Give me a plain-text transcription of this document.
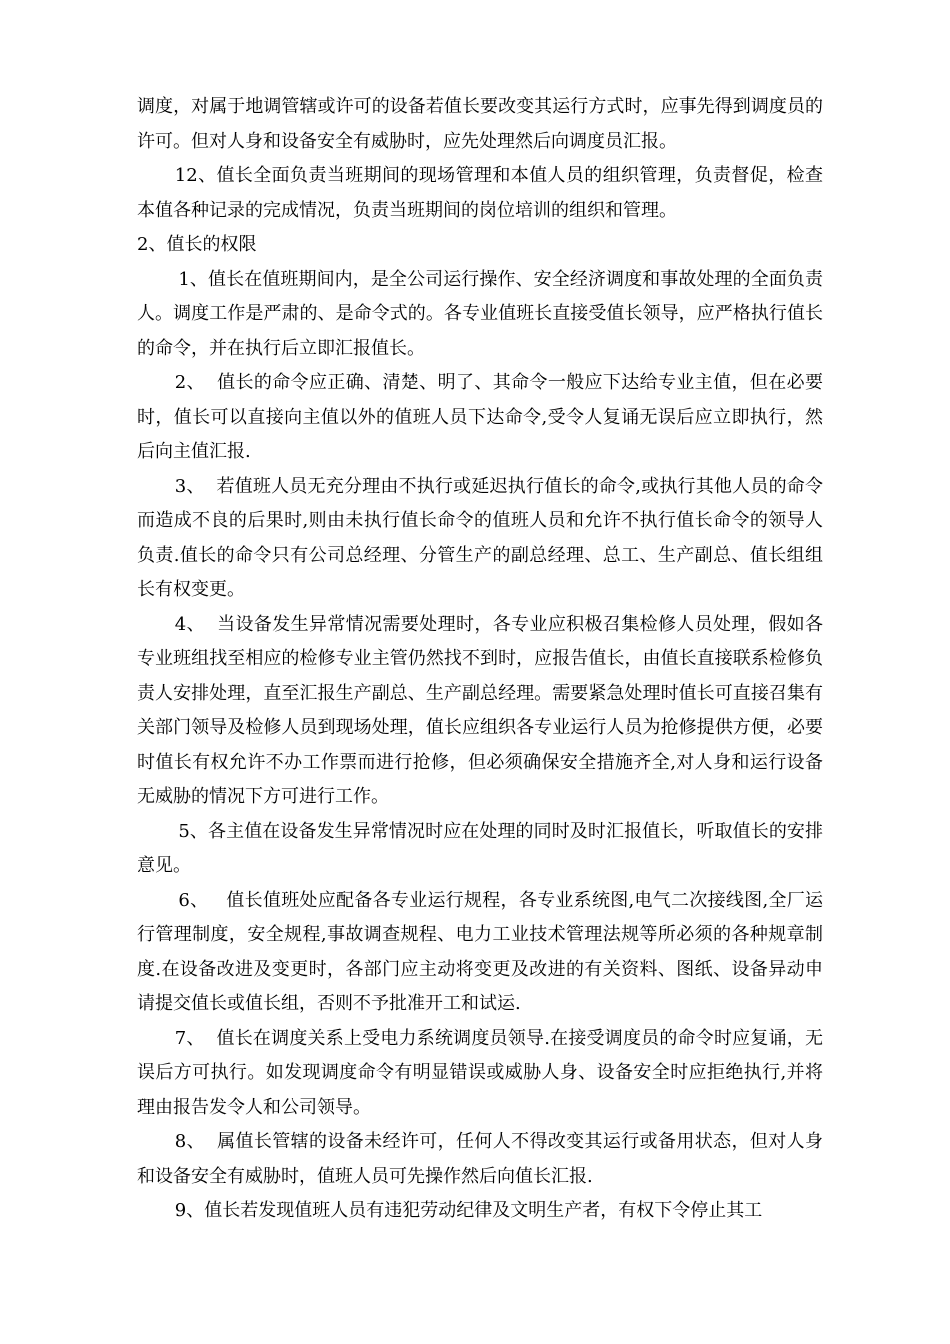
调度，对属于地调管辖或许可的设备若值长要改变其运行方式时，应事先得到调度员的许可。但对人身和设备安全有威胁时，应先处理然后向调度员汇报。

12、值长全面负责当班期间的现场管理和本值人员的组织管理，负责督促，检查本值各种记录的完成情况，负责当班期间的岗位培训的组织和管理。

2、值长的权限

1、值长在值班期间内，是全公司运行操作、安全经济调度和事故处理的全面负责人。调度工作是严肃的、是命令式的。各专业值班长直接受值长领导，应严格执行值长的命令，并在执行后立即汇报值长。

2、  值长的命令应正确、清楚、明了、其命令一般应下达给专业主值，但在必要时，值长可以直接向主值以外的值班人员下达命令,受令人复诵无误后应立即执行，然后向主值汇报.

3、  若值班人员无充分理由不执行或延迟执行值长的命令,或执行其他人员的命令而造成不良的后果时,则由未执行值长命令的值班人员和允许不执行值长命令的领导人负责.值长的命令只有公司总经理、分管生产的副总经理、总工、生产副总、值长组组长有权变更。

4、  当设备发生异常情况需要处理时，各专业应积极召集检修人员处理，假如各专业班组找至相应的检修专业主管仍然找不到时，应报告值长，由值长直接联系检修负责人安排处理，直至汇报生产副总、生产副总经理。需要紧急处理时值长可直接召集有关部门领导及检修人员到现场处理，值长应组织各专业运行人员为抢修提供方便，必要时值长有权允许不办工作票而进行抢修，但必须确保安全措施齐全,对人身和运行设备无威胁的情况下方可进行工作。

5、各主值在设备发生异常情况时应在处理的同时及时汇报值长，听取值长的安排意见。

6、   值长值班处应配备各专业运行规程，各专业系统图,电气二次接线图,全厂运行管理制度，安全规程,事故调查规程、电力工业技术管理法规等所必须的各种规章制度.在设备改进及变更时，各部门应主动将变更及改进的有关资料、图纸、设备异动申请提交值长或值长组，否则不予批准开工和试运.

7、  值长在调度关系上受电力系统调度员领导.在接受调度员的命令时应复诵，无误后方可执行。如发现调度命令有明显错误或威胁人身、设备安全时应拒绝执行,并将理由报告发令人和公司领导。

8、  属值长管辖的设备未经许可，任何人不得改变其运行或备用状态，但对人身和设备安全有威胁时，值班人员可先操作然后向值长汇报.

9、值长若发现值班人员有违犯劳动纪律及文明生产者，有权下令停止其工
